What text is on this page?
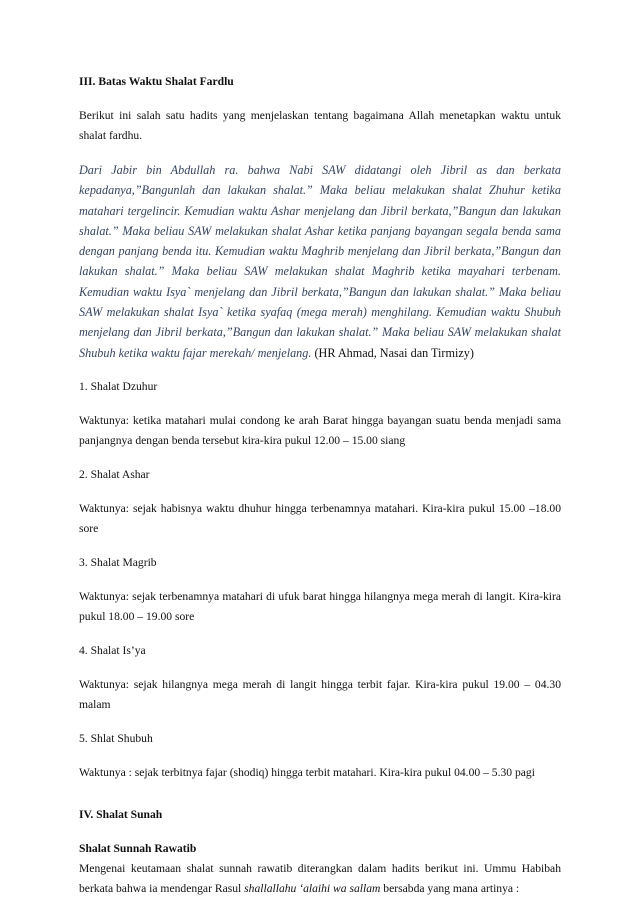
III. Batas Waktu Shalat Fardlu

Berikut ini salah satu hadits yang menjelaskan tentang bagaimana Allah menetapkan waktu untuk shalat fardhu.

Dari Jabir bin Abdullah ra. bahwa Nabi SAW didatangi oleh Jibril as dan berkata kepadanya,”Bangunlah dan lakukan shalat.” Maka beliau melakukan shalat Zhuhur ketika matahari tergelincir. Kemudian waktu Ashar menjelang dan Jibril berkata,”Bangun dan lakukan shalat.” Maka beliau SAW melakukan shalat Ashar ketika panjang bayangan segala benda sama dengan panjang benda itu. Kemudian waktu Maghrib menjelang dan Jibril berkata,”Bangun dan lakukan shalat.” Maka beliau SAW melakukan shalat Maghrib ketika mayahari terbenam. Kemudian waktu Isya` menjelang dan Jibril berkata,”Bangun dan lakukan shalat.” Maka beliau SAW melakukan shalat Isya` ketika syafaq (mega merah) menghilang. Kemudian waktu Shubuh menjelang dan Jibril berkata,”Bangun dan lakukan shalat.” Maka beliau SAW melakukan shalat Shubuh ketika waktu fajar merekah/ menjelang. (HR Ahmad, Nasai dan Tirmizy)

1. Shalat Dzuhur

Waktunya: ketika matahari mulai condong ke arah Barat hingga bayangan suatu benda menjadi sama panjangnya dengan benda tersebut kira-kira pukul 12.00 – 15.00 siang

2. Shalat Ashar

Waktunya: sejak habisnya waktu dhuhur hingga terbenamnya matahari. Kira-kira pukul 15.00 –18.00 sore

3. Shalat Magrib

Waktunya: sejak terbenamnya matahari di ufuk barat hingga hilangnya mega merah di langit. Kira-kira pukul 18.00 – 19.00 sore

4. Shalat Is’ya

Waktunya: sejak hilangnya mega merah di langit hingga terbit fajar. Kira-kira pukul 19.00 – 04.30 malam

5. Shlat Shubuh

Waktunya : sejak terbitnya fajar (shodiq) hingga terbit matahari. Kira-kira pukul 04.00 – 5.30 pagi

IV. Shalat Sunah

Shalat Sunnah Rawatib

Mengenai keutamaan shalat sunnah rawatib diterangkan dalam hadits berikut ini. Ummu Habibah berkata bahwa ia mendengar Rasul shallallahu ‘alaihi wa sallam bersabda yang mana artinya :
